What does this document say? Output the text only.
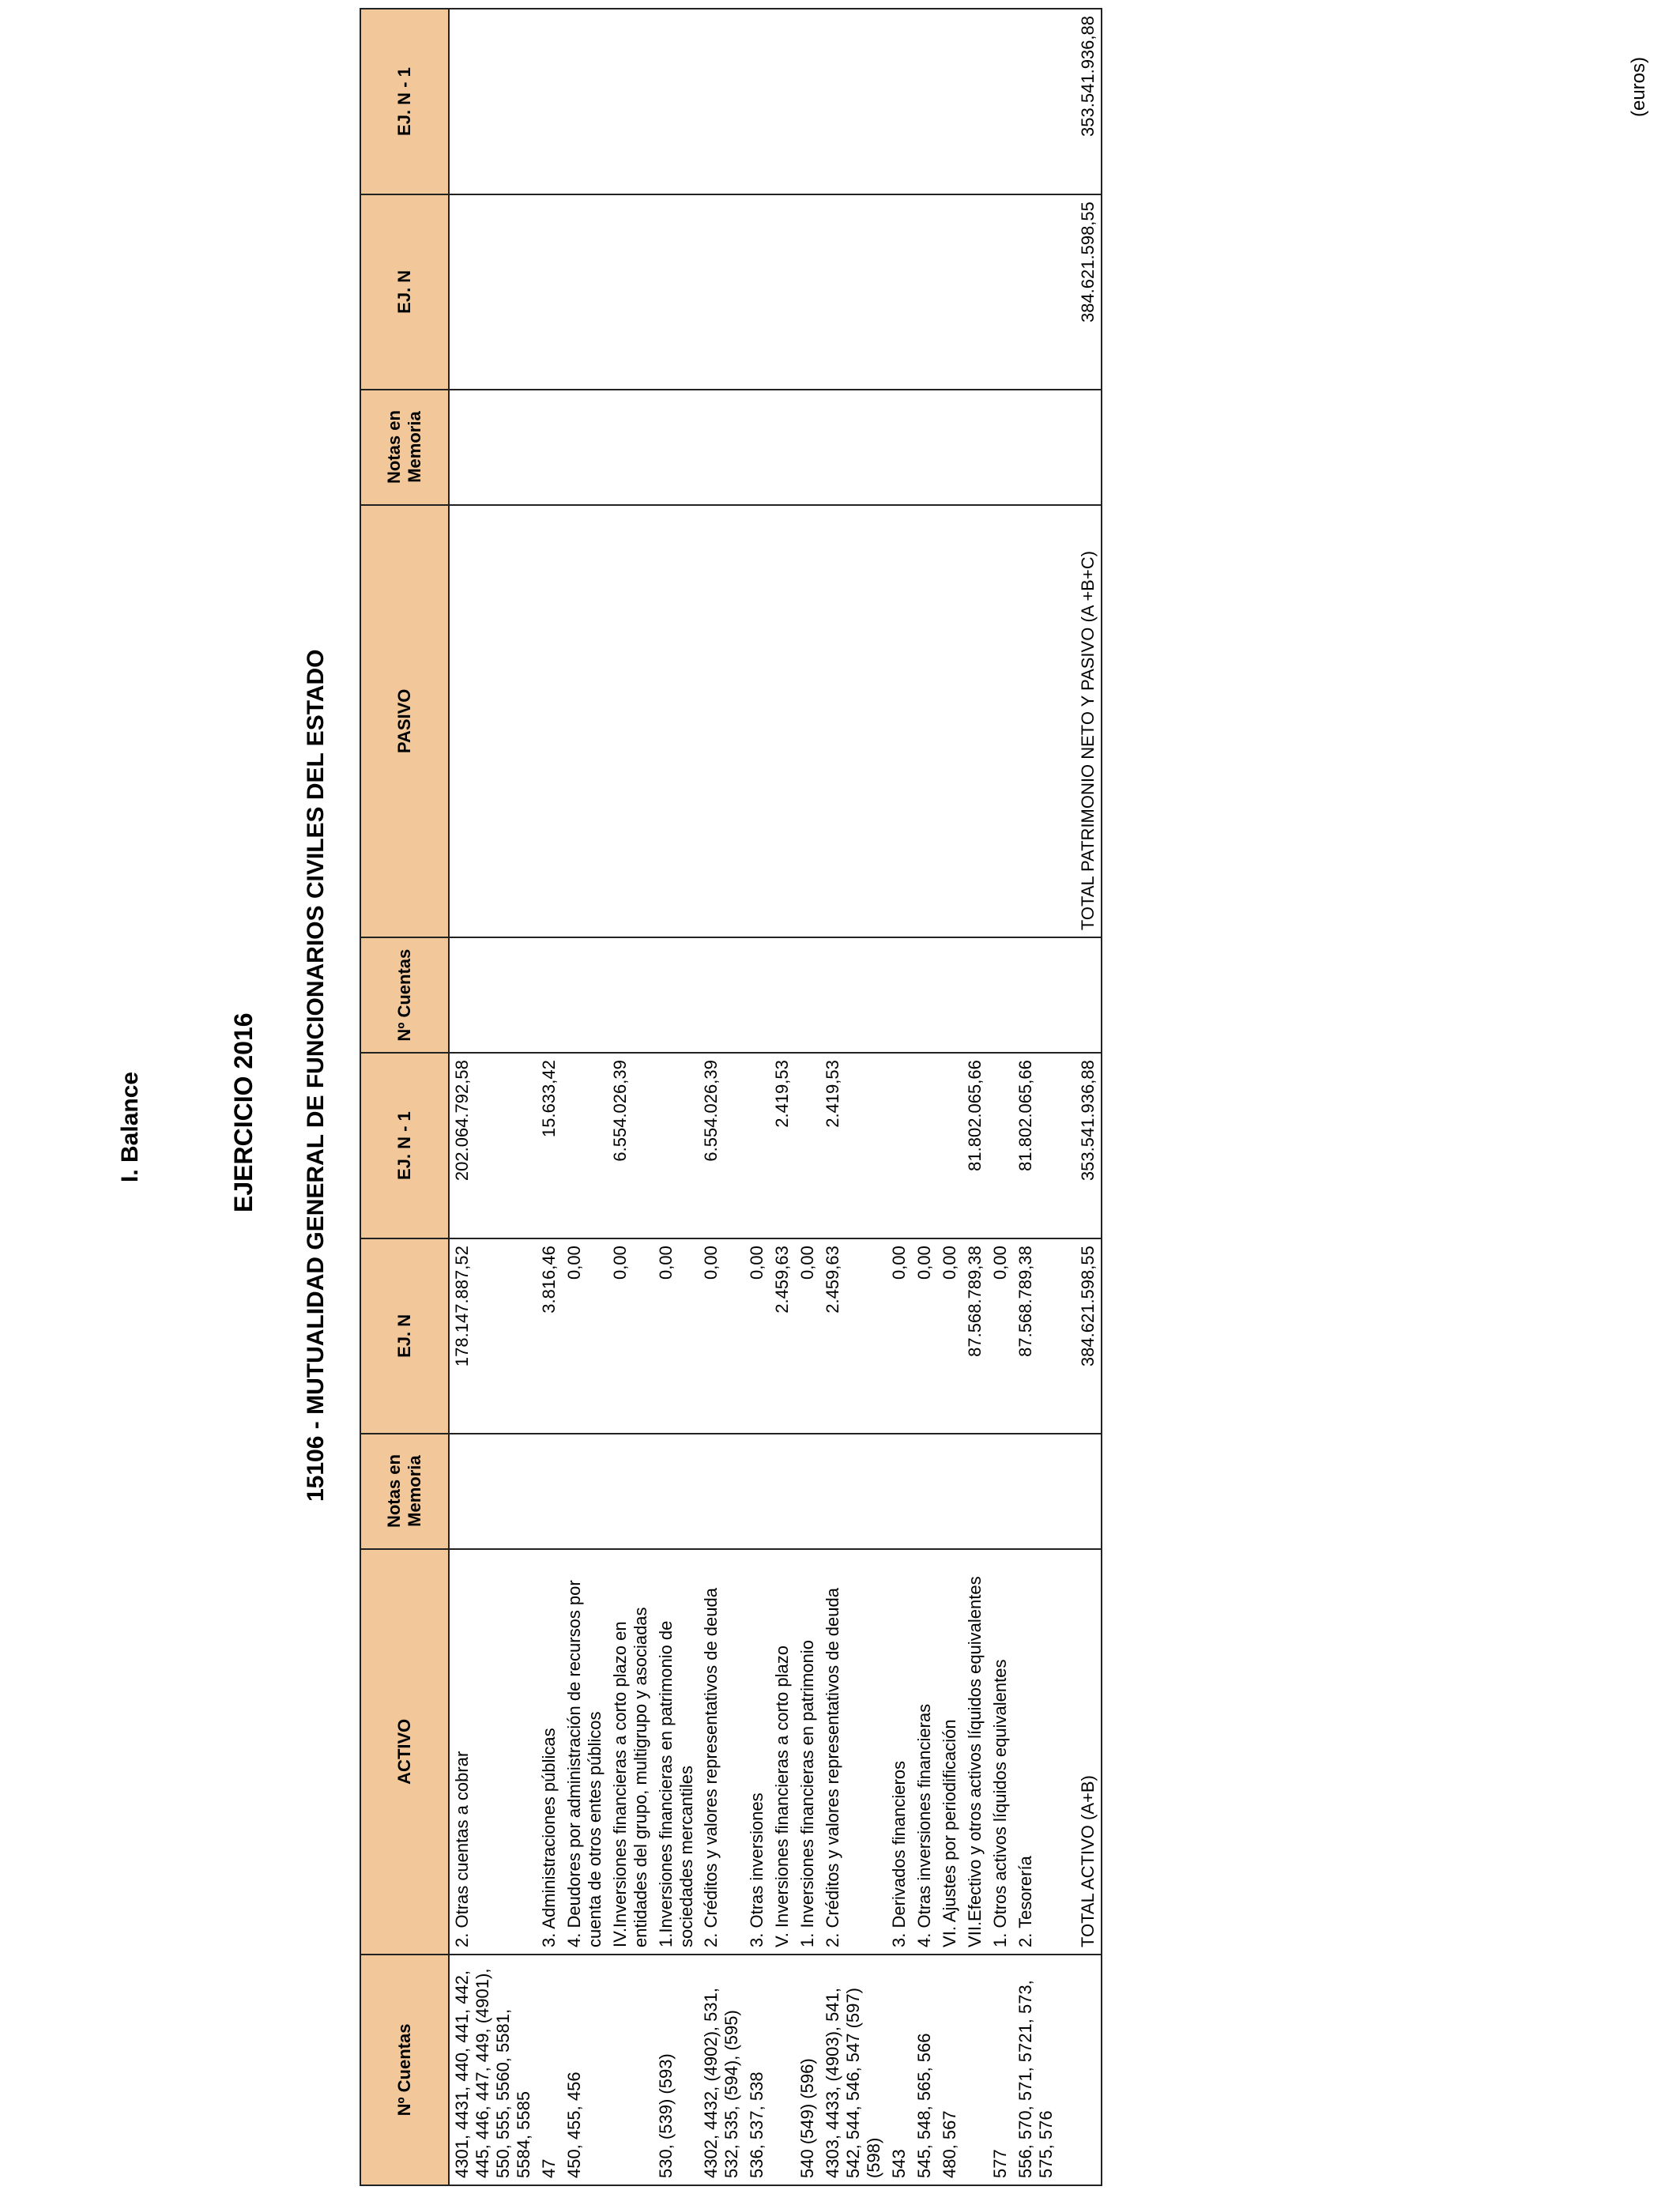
I. Balance	EJERCICIO 2016 15106 - MUTUALIDAD GENERAL DE FUNCIONARIOS CIVILES DEL ESTADO
(euros)
Nº Cuentas	ACTIVO	Notas en Memoria	EJ. N	EJ. N - 1	Nº Cuentas	PASIVO	Notas en Memoria	EJ. N	EJ. N - 1
4301, 4431, 440, 441, 442, 445, 446, 447, 449, (4901), 550, 555, 5560, 5581, 5584, 5585	2. Otras cuentas a cobrar		178.147.887,52	202.064.792,58					
47	3. Administraciones públicas		3.816,46	15.633,42					
450, 455, 456	4. Deudores por administración de recursos por cuenta de otros entes públicos		0,00						
	IV.Inversiones financieras a corto plazo en entidades del grupo, multigrupo y asociadas		0,00	6.554.026,39					
530, (539) (593)	1.Inversiones financieras en patrimonio de sociedades mercantiles		0,00						
4302, 4432, (4902), 531, 532, 535, (594), (595)	2. Créditos y valores representativos de deuda		0,00	6.554.026,39					
536, 537, 538	3. Otras inversiones		0,00						
	V. Inversiones financieras a corto plazo		2.459,63	2.419,53					
540 (549) (596)	1. Inversiones financieras en patrimonio		0,00						
4303, 4433, (4903), 541, 542, 544, 546, 547 (597) (598)	2. Créditos y valores representativos de deuda		2.459,63	2.419,53					
543	3. Derivados financieros		0,00						
545, 548, 565, 566	4. Otras inversiones financieras		0,00						
480, 567	VI. Ajustes por periodificación		0,00						
	VII.Efectivo y otros activos líquidos equivalentes		87.568.789,38	81.802.065,66					
577	1. Otros activos líquidos equivalentes		0,00						
556, 570, 571, 5721, 573, 575, 576	2. Tesorería		87.568.789,38	81.802.065,66					
	TOTAL ACTIVO (A+B)		384.621.598,55	353.541.936,88		TOTAL PATRIMONIO NETO Y PASIVO (A +B+C)		384.621.598,55	353.541.936,88
